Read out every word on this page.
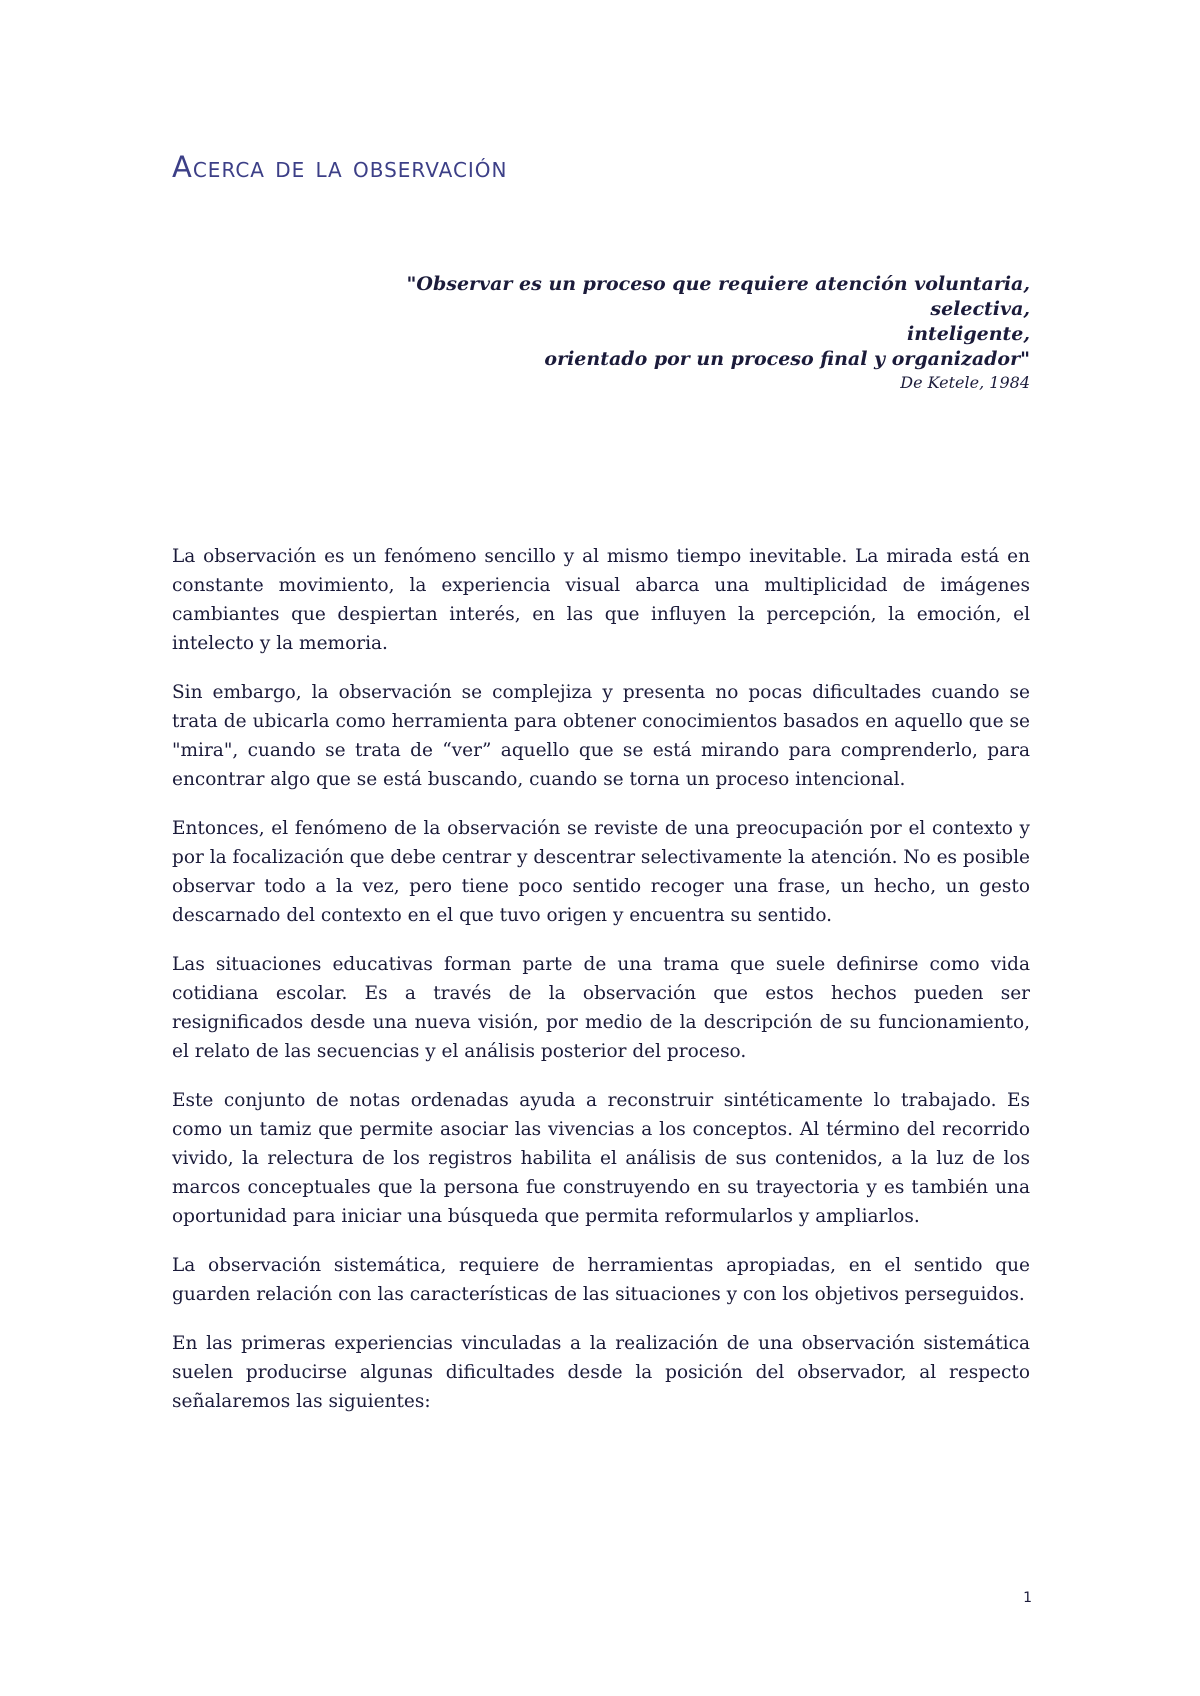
Acerca de la observación
"Observar es un proceso que requiere atención voluntaria,
selectiva,
inteligente,
orientado por un proceso final y organizador"
De Ketele, 1984

La observación es un fenómeno sencillo y al mismo tiempo inevitable. La mirada está en constante movimiento, la experiencia visual abarca una multiplicidad de imágenes cambiantes que despiertan interés, en las que influyen la percepción, la emoción, el intelecto y la memoria.

Sin embargo, la observación se complejiza y presenta no pocas dificultades cuando se trata de ubicarla como herramienta para obtener conocimientos basados en aquello que se "mira", cuando se trata de “ver” aquello que se está mirando para comprenderlo, para encontrar algo que se está buscando, cuando se torna un proceso intencional.

Entonces, el fenómeno de la observación se reviste de una preocupación por el contexto y por la focalización que debe centrar y descentrar selectivamente la atención. No es posible observar todo a la vez, pero tiene poco sentido recoger una frase, un hecho, un gesto descarnado del contexto en el que tuvo origen y encuentra su sentido.

Las situaciones educativas forman parte de una trama que suele definirse como vida cotidiana escolar. Es a través de la observación que estos hechos pueden ser resignificados desde una nueva visión, por medio de la descripción de su funcionamiento, el relato de las secuencias y el análisis posterior del proceso.

Este conjunto de notas ordenadas ayuda a reconstruir sintéticamente lo trabajado. Es como un tamiz que permite asociar las vivencias a los conceptos. Al término del recorrido vivido, la relectura de los registros habilita el análisis de sus contenidos, a la luz de los marcos conceptuales que la persona fue construyendo en su trayectoria y es también una oportunidad para iniciar una búsqueda que permita reformularlos y ampliarlos.

La observación sistemática, requiere de herramientas apropiadas, en el sentido que guarden relación con las características de las situaciones y con los objetivos perseguidos.

En las primeras experiencias vinculadas a la realización de una observación sistemática suelen producirse algunas dificultades desde la posición del observador, al respecto señalaremos las siguientes:

1
